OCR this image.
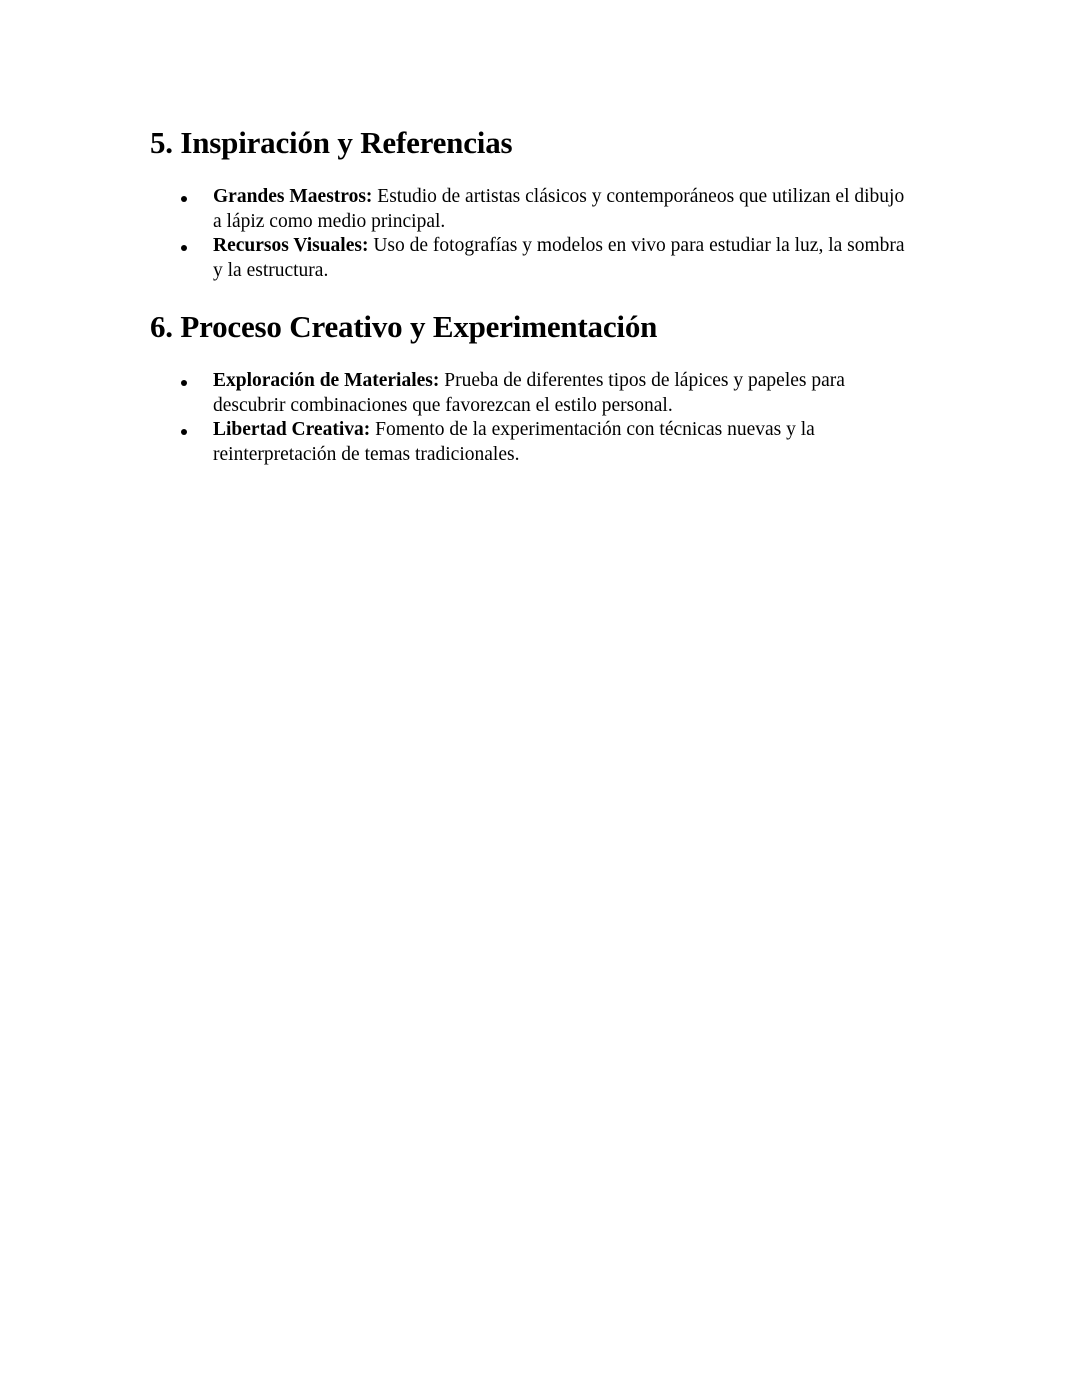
5. Inspiración y Referencias
Grandes Maestros: Estudio de artistas clásicos y contemporáneos que utilizan el dibujo a lápiz como medio principal.
Recursos Visuales: Uso de fotografías y modelos en vivo para estudiar la luz, la sombra y la estructura.
6. Proceso Creativo y Experimentación
Exploración de Materiales: Prueba de diferentes tipos de lápices y papeles para descubrir combinaciones que favorezcan el estilo personal.
Libertad Creativa: Fomento de la experimentación con técnicas nuevas y la reinterpretación de temas tradicionales.
